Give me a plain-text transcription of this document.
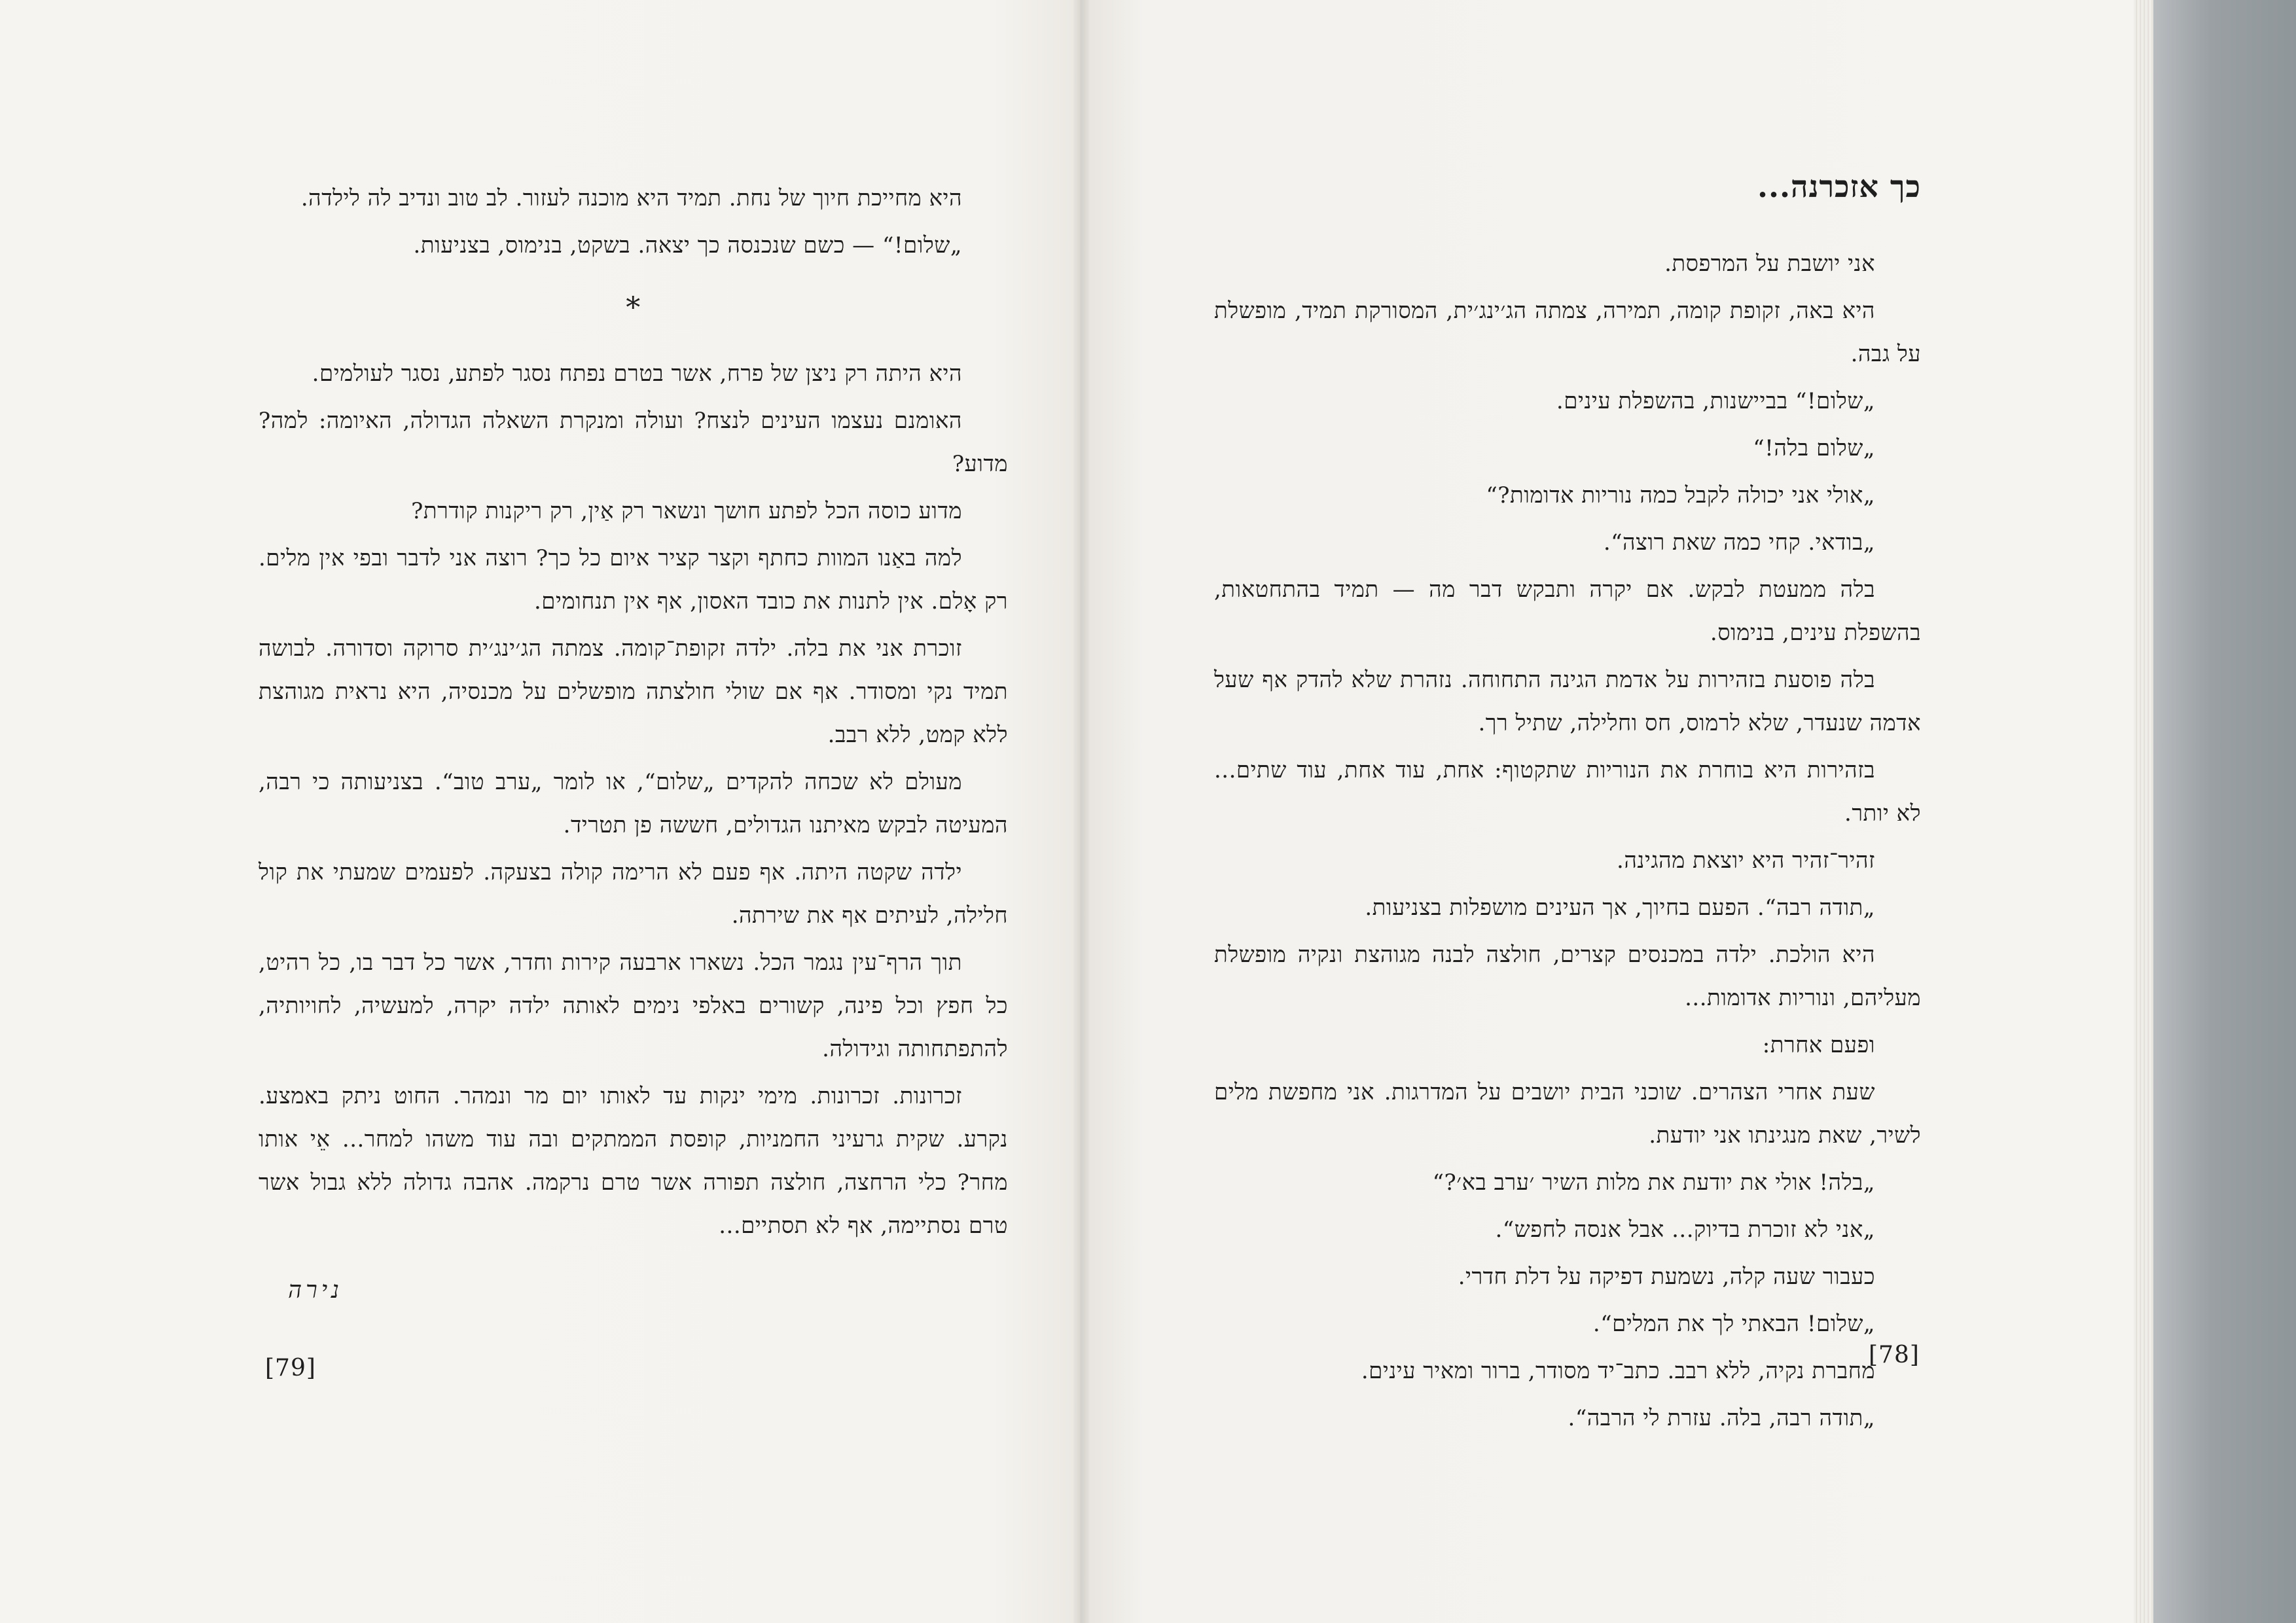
היא מחייכת חיוך של נחת. תמיד היא מוכנה לעזור. לב טוב ונדיב לה לילדה.

„שלום!“ — כשם שנכנסה כך יצאה. בשקט, בנימוס, בצניעות.

*

היא היתה רק ניצן של פרח, אשר בטרם נפתח נסגר לפתע, נסגר לעולמים.

האומנם נעצמו העינים לנצח? ועולה ומנקרת השאלה הגדולה, האיומה: למה? מדוע?

מדוע כוסה הכל לפתע חושך ונשאר רק אַין, רק ריקנות קודרת?

למה באַנו המוות כחתף וקצר קציר איום כל כך? רוצה אני לדבר ובפי אין מלים. רק אָלם. אין לתנות את כובד האסון, אף אין תנחומים.

זוכרת אני את בלה. ילדה זקופת־קומה. צמתה הג׳ינג׳ית סרוקה וסדורה. לבושה תמיד נקי ומסודר. אף אם שולי חולצתה מופשלים על מכנסיה, היא נראית מגוהצת ללא קמט, ללא רבב.

מעולם לא שכחה להקדים „שלום“, או לומר „ערב טוב“. בצניעותה כי רבה, המעיטה לבקש מאיתנו הגדולים, חששה פן תטריד.

ילדה שקטה היתה. אף פעם לא הרימה קולה בצעקה. לפעמים שמעתי את קול חלילה, לעיתים אף את שירתה.

תוך הרף־עין נגמר הכל. נשארו ארבעה קירות וחדר, אשר כל דבר בו, כל רהיט, כל חפץ וכל פינה, קשורים באלפי נימים לאותה ילדה יקרה, למעשיה, לחויותיה, להתפתחותה וגידולה.

זכרונות. זכרונות. מימי ינקות עד לאותו יום מר ונמהר. החוט ניתק באמצע. נקרע. שקית גרעיני החמניות, קופסת הממתקים ובה עוד משהו למחר... אֵי אותו מחר? כלי הרחצה, חולצה תפורה אשר טרם נרקמה. אהבה גדולה ללא גבול אשר טרם נסתיימה, אף לא תסתיים...

נירה
[79]
כך אזכרנה...

אני יושבת על המרפסת.

היא באה, זקופת קומה, תמירה, צמתה הג׳ינג׳ית, המסורקת תמיד, מופשלת על גבה.

„שלום!“ בביישנות, בהשפלת עינים.

„שלום בלה!“

„אולי אני יכולה לקבל כמה נוריות אדומות?“

„בודאי. קחי כמה שאת רוצה“.

בלה ממעטת לבקש. אם יקרה ותבקש דבר מה — תמיד בהתחטאות, בהשפלת עינים, בנימוס.

בלה פוסעת בזהירות על אדמת הגינה התחוחה. נזהרת שלא להדק אף שעל אדמה שנעדר, שלא לרמוס, חס וחלילה, שתיל רך.

בזהירות היא בוחרת את הנוריות שתקטוף: אחת, עוד אחת, עוד שתים... לא יותר.

זהיר־זהיר היא יוצאת מהגינה.

„תודה רבה“. הפעם בחיוך, אך העינים מושפלות בצניעות.

היא הולכת. ילדה במכנסים קצרים, חולצה לבנה מגוהצת ונקיה מופשלת מעליהם, ונוריות אדומות...

ופעם אחרת:

שעת אחרי הצהרים. שוכני הבית יושבים על המדרגות. אני מחפשת מלים לשיר, שאת מנגינתו אני יודעת.

„בלה! אולי את יודעת את מלות השיר ׳ערב בא׳?“

„אני לא זוכרת בדיוק... אבל אנסה לחפש“.

כעבור שעה קלה, נשמעת דפיקה על דלת חדרי.

„שלום! הבאתי לך את המלים“.

מחברת נקיה, ללא רבב. כתב־יד מסודר, ברור ומאיר עינים.

„תודה רבה, בלה. עזרת לי הרבה“.

[78]
